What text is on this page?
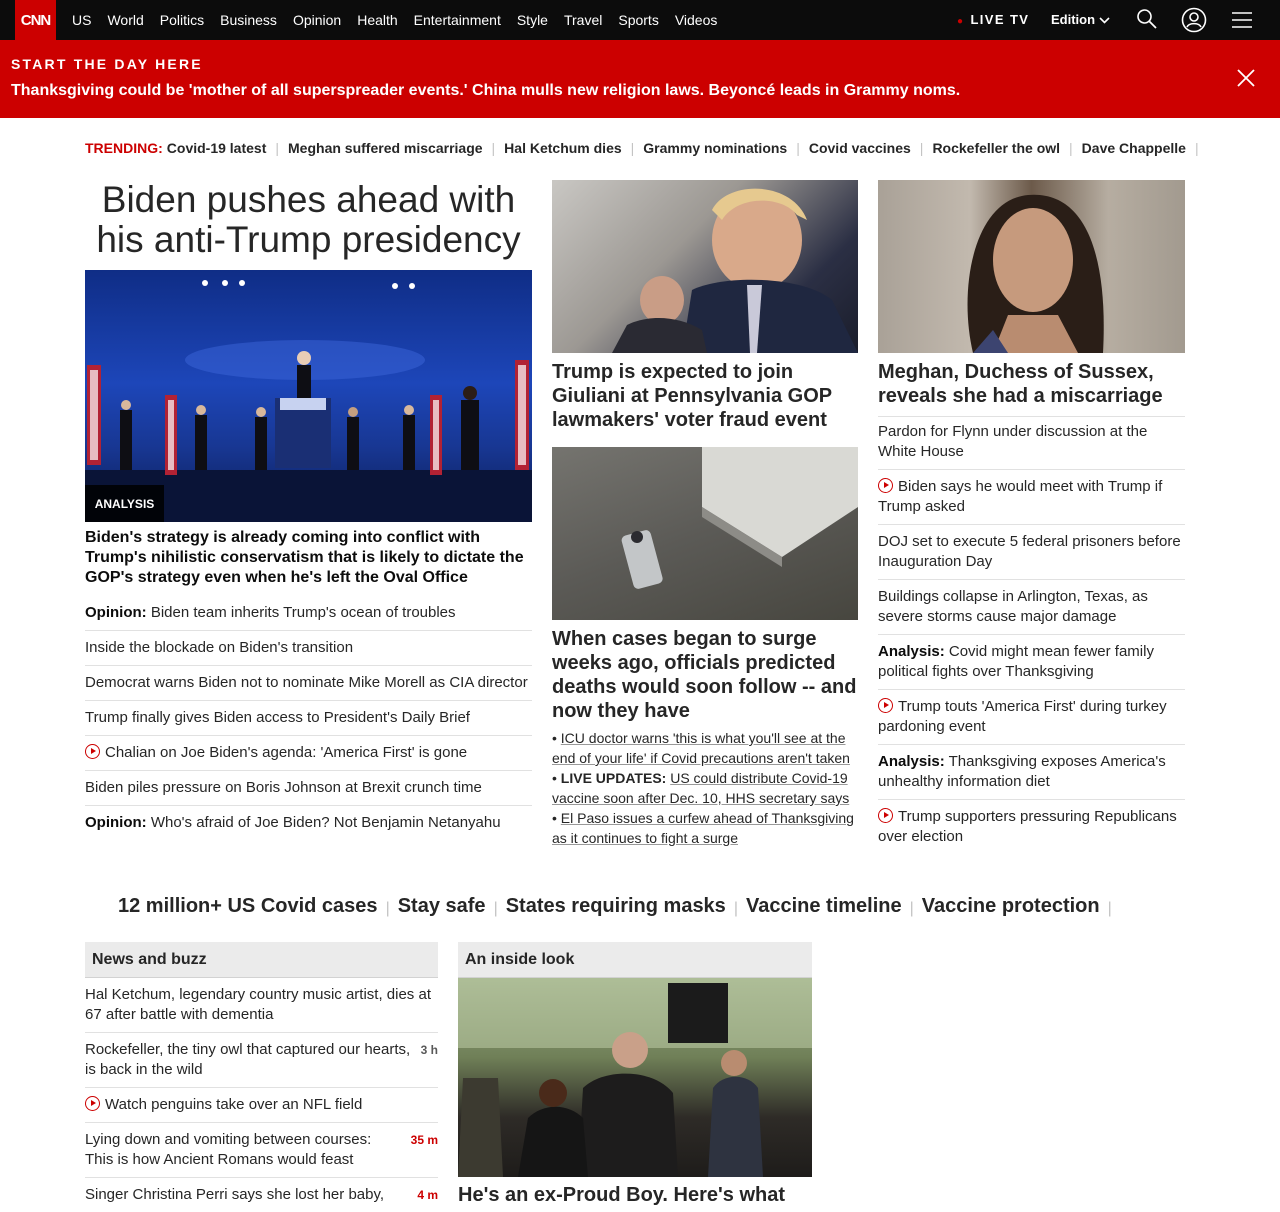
CNN	US World Politics Business Opinion Health Entertainment Style Travel Sports Videos	● LIVE TV Edition
START THE DAY HERE
Thanksgiving could be 'mother of all superspreader events.' China mulls new religion laws. Beyoncé leads in Grammy noms.
TRENDING: Covid-19 latest | Meghan suffered miscarriage | Hal Ketchum dies | Grammy nominations | Covid vaccines | Rockefeller the owl | Dave Chappelle |
Biden pushes ahead with his anti-Trump presidency
ANALYSIS
Biden's strategy is already coming into conflict with Trump's nihilistic conservatism that is likely to dictate the GOP's strategy even when he's left the Oval Office
Opinion: Biden team inherits Trump's ocean of troubles
Inside the blockade on Biden's transition
Democrat warns Biden not to nominate Mike Morell as CIA director
Trump finally gives Biden access to President's Daily Brief
Chalian on Joe Biden's agenda: 'America First' is gone
Biden piles pressure on Boris Johnson at Brexit crunch time
Opinion: Who's afraid of Joe Biden? Not Benjamin Netanyahu
Trump is expected to join Giuliani at Pennsylvania GOP lawmakers' voter fraud event
When cases began to surge weeks ago, officials predicted deaths would soon follow -- and now they have
• ICU doctor warns 'this is what you'll see at the end of your life' if Covid precautions aren't taken
• LIVE UPDATES: US could distribute Covid-19 vaccine soon after Dec. 10, HHS secretary says
• El Paso issues a curfew ahead of Thanksgiving as it continues to fight a surge
Meghan, Duchess of Sussex, reveals she had a miscarriage
Pardon for Flynn under discussion at the White House
Biden says he would meet with Trump if Trump asked
DOJ set to execute 5 federal prisoners before Inauguration Day
Buildings collapse in Arlington, Texas, as severe storms cause major damage
Analysis: Covid might mean fewer family political fights over Thanksgiving
Trump touts 'America First' during turkey pardoning event
Analysis: Thanksgiving exposes America's unhealthy information diet
Trump supporters pressuring Republicans over election
12 million+ US Covid cases | Stay safe | States requiring masks | Vaccine timeline | Vaccine protection |
News and buzz
Hal Ketchum, legendary country music artist, dies at 67 after battle with dementia
3 h
Rockefeller, the tiny owl that captured our hearts, is back in the wild
Watch penguins take over an NFL field
35 m
Lying down and vomiting between courses: This is how Ancient Romans would feast
4 m
Singer Christina Perri says she lost her baby,
An inside look
He's an ex-Proud Boy. Here's what
